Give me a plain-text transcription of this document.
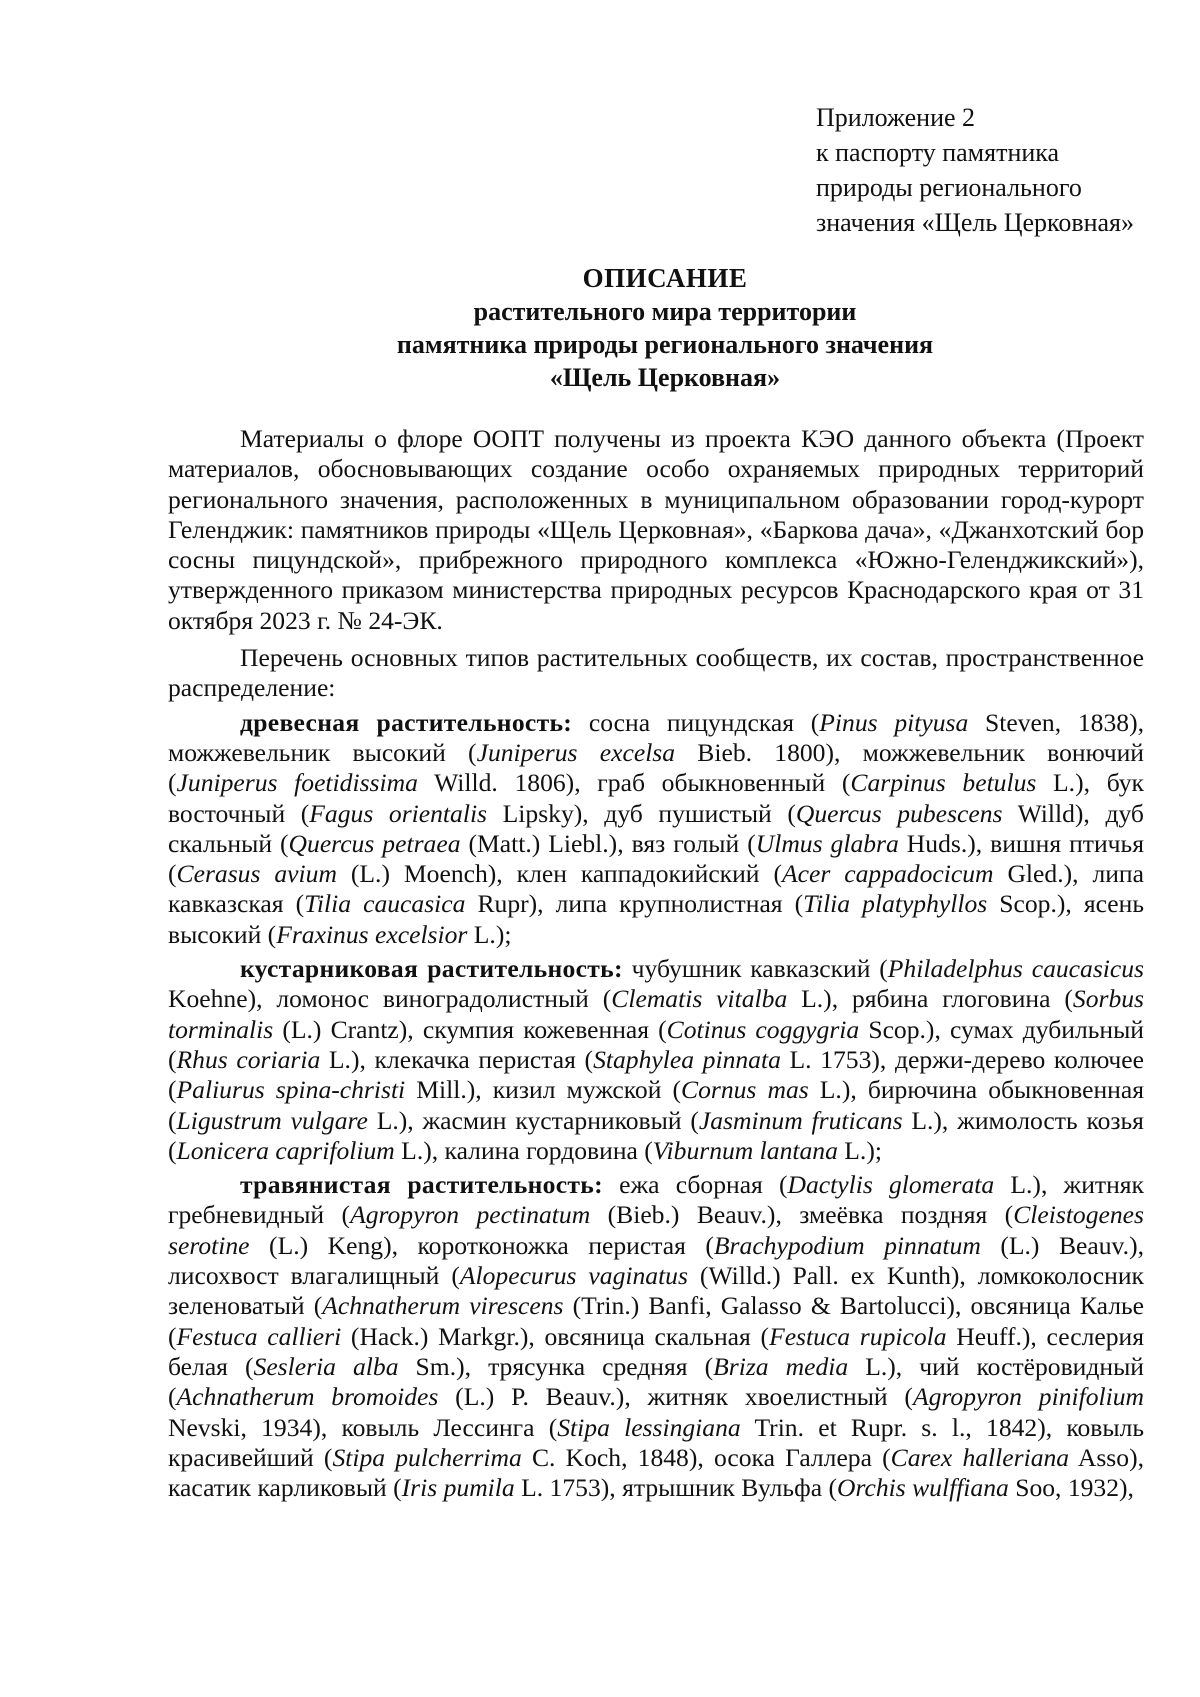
Приложение 2
к паспорту памятника
природы регионального
значения «Щель Церковная»
ОПИСАНИЕ
растительного мира территории
памятника природы регионального значения
«Щель Церковная»

Материалы о флоре ООПТ получены из проекта КЭО данного объекта (Проект материалов, обосновывающих создание особо охраняемых природных территорий регионального значения, расположенных в муниципальном образовании город-курорт Геленджик: памятников природы «Щель Церковная», «Баркова дача», «Джанхотский бор сосны пицундской», прибрежного природного комплекса «Южно-Геленджикский»), утвержденного приказом министерства природных ресурсов Краснодарского края от 31 октября 2023 г. № 24-ЭК.

Перечень основных типов растительных сообществ, их состав, пространственное распределение:

древесная растительность: сосна пицундская (Pinus pityusa Steven, 1838), можжевельник высокий (Juniperus excelsa Bieb. 1800), можжевельник вонючий (Juniperus foetidissima Willd. 1806), граб обыкновенный (Carpinus betulus L.), бук восточный (Fagus orientalis Lipsky), дуб пушистый (Quercus pubescens Willd), дуб скальный (Quercus petraea (Matt.) Liebl.), вяз голый (Ulmus glabra Huds.), вишня птичья (Cerasus avium (L.) Moench), клен каппадокийский (Acer cappadocicum Gled.), липа кавказская (Tilia caucasica Rupr), липа крупнолистная (Tilia platyphyllos Scop.), ясень высокий (Fraxinus excelsior L.);

кустарниковая растительность: чубушник кавказский (Philadelphus caucasicus Koehne), ломонос виноградолистный (Clematis vitalba L.), рябина глоговина (Sorbus torminalis (L.) Crantz), скумпия кожевенная (Cotinus coggygria Scop.), сумах дубильный (Rhus coriaria L.), клекачка перистая (Staphylea pinnata L. 1753), держи-дерево колючее (Paliurus spina-christi Mill.), кизил мужской (Cornus mas L.), бирючина обыкновенная (Ligustrum vulgare L.), жасмин кустарниковый (Jasminum fruticans L.), жимолость козья (Lonicera caprifolium L.), калина гордовина (Viburnum lantana L.);

травянистая растительность: ежа сборная (Dactylis glomerata L.), житняк гребневидный (Agropyron pectinatum (Bieb.) Beauv.), змеёвка поздняя (Cleistogenes serotine (L.) Keng), коротконожка перистая (Brachypodium pinnatum (L.) Beauv.), лисохвост влагалищный (Alopecurus vaginatus (Willd.) Pall. ex Kunth), ломкоколосник зеленоватый (Achnatherum virescens (Trin.) Banfi, Galasso & Bartolucci), овсяница Калье (Festuca callieri (Hack.) Markgr.), овсяница скальная (Festuca rupicola Heuff.), сеслерия белая (Sesleria alba Sm.), трясунка средняя (Briza media L.), чий костёровидный (Achnatherum bromoides (L.) P. Beauv.), житняк хвоелистный (Agropyron pinifolium Nevski, 1934), ковыль Лессинга (Stipa lessingiana Trin. et Rupr. s. l., 1842), ковыль красивейший (Stipa pulcherrima C. Koch, 1848), осока Галлера (Carex halleriana Asso), касатик карликовый (Iris pumila L. 1753), ятрышник Вульфа (Orchis wulffiana Soo, 1932),
